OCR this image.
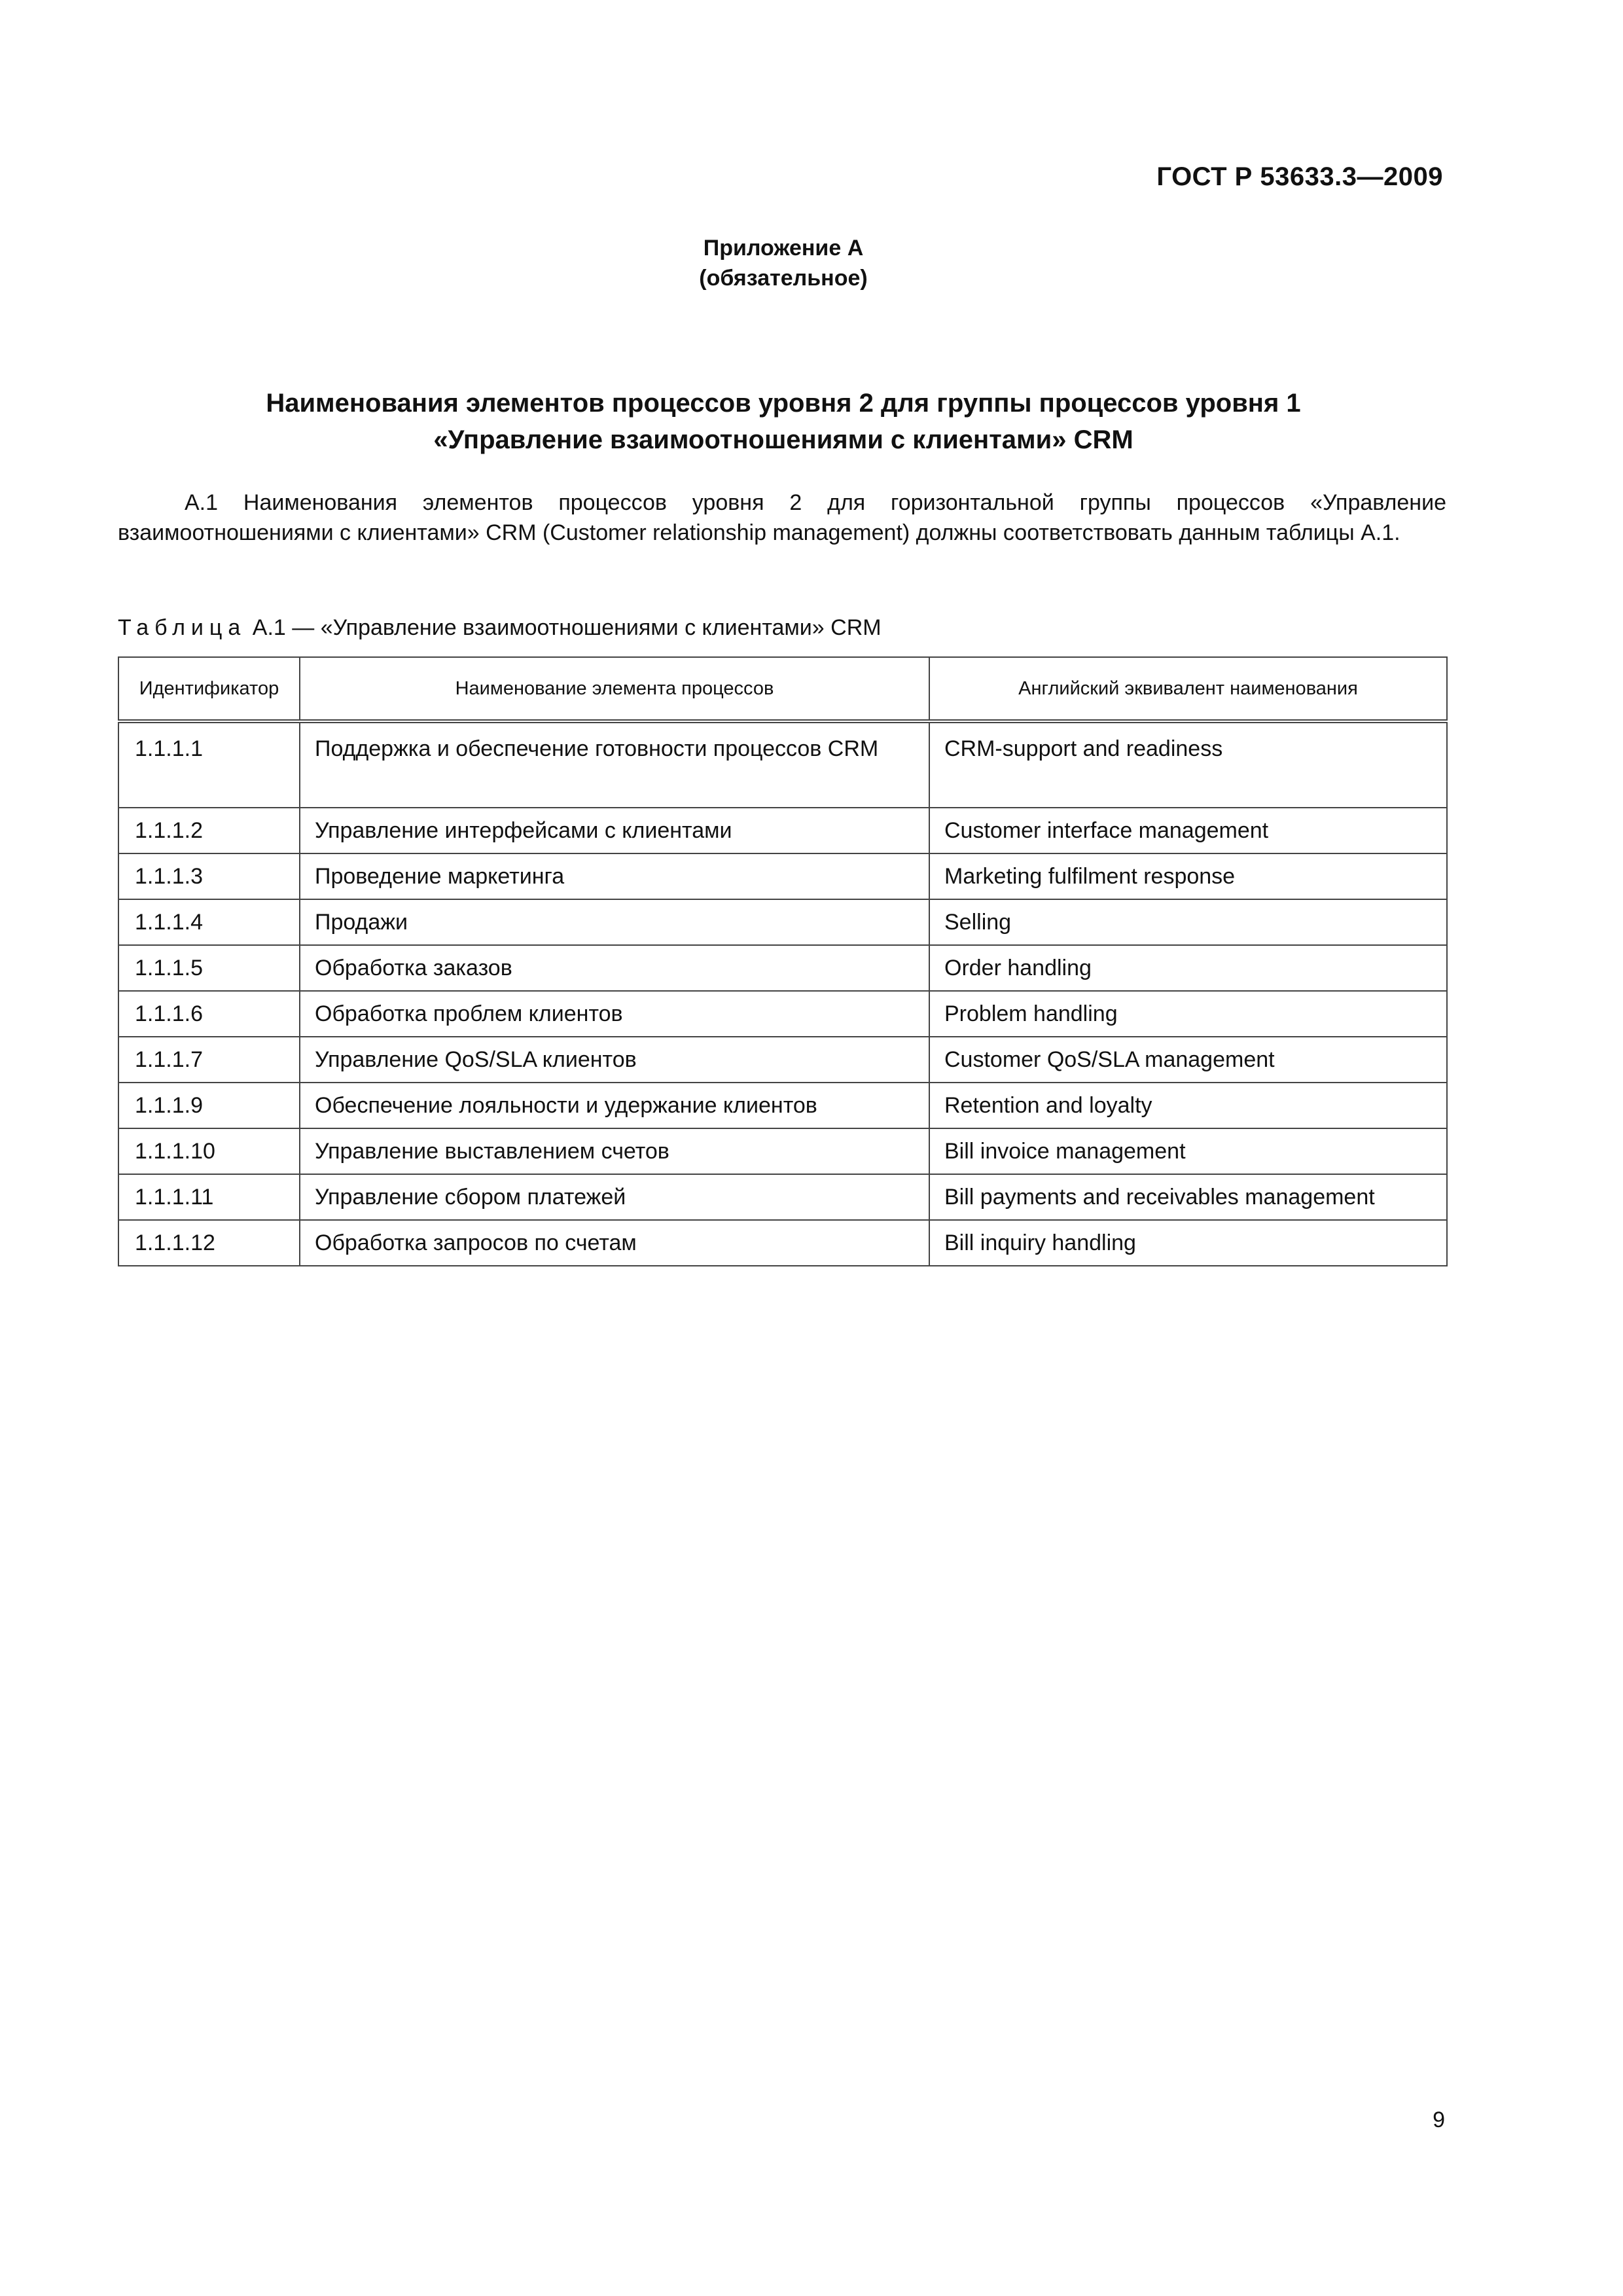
ГОСТ Р 53633.3—2009
Приложение А
(обязательное)
Наименования элементов процессов уровня 2 для группы процессов уровня 1
«Управление взаимоотношениями с клиентами» CRM
А.1 Наименования элементов процессов уровня 2 для горизонтальной группы процессов «Управление взаимоотношениями с клиентами» CRM (Customer relationship management) должны соответствовать данным таблицы А.1.
Таблица А.1 — «Управление взаимоотношениями с клиентами» CRM
Идентификатор	Наименование элемента процессов	Английский эквивалент наименования
1.1.1.1	Поддержка и обеспечение готовности процессов CRM	CRM-support and readiness
1.1.1.2	Управление интерфейсами с клиентами	Customer interface management
1.1.1.3	Проведение маркетинга	Marketing fulfilment response
1.1.1.4	Продажи	Selling
1.1.1.5	Обработка заказов	Order handling
1.1.1.6	Обработка проблем клиентов	Problem handling
1.1.1.7	Управление QoS/SLA клиентов	Customer QoS/SLA management
1.1.1.9	Обеспечение лояльности и удержание клиентов	Retention and loyalty
1.1.1.10	Управление выставлением счетов	Bill invoice management
1.1.1.11	Управление сбором платежей	Bill payments and receivables management
1.1.1.12	Обработка запросов по счетам	Bill inquiry handling
9
